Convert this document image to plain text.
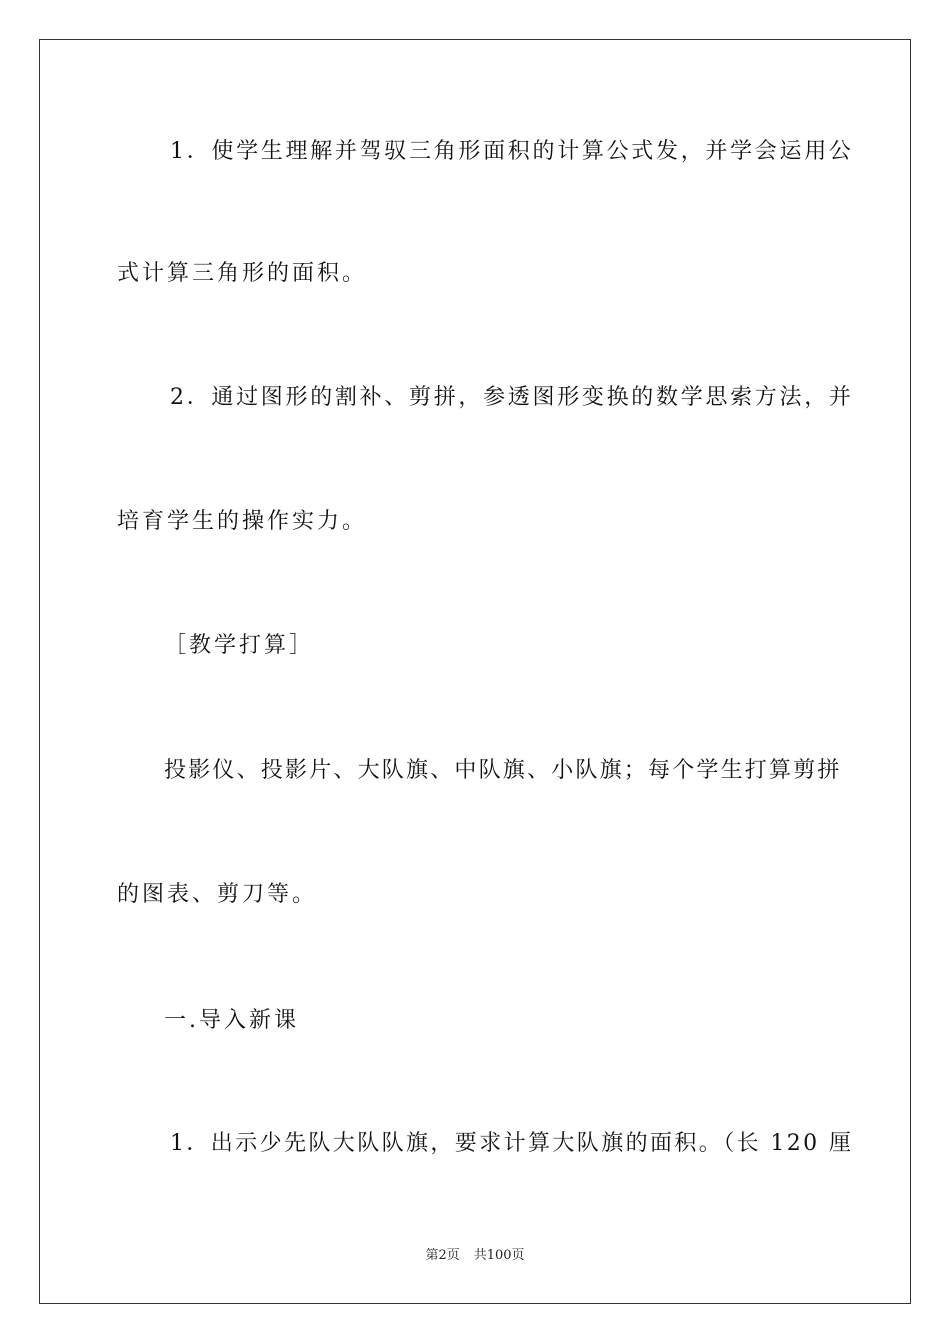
1．使学生理解并驾驭三角形面积的计算公式发，并学会运用公
式计算三角形的面积。
2．通过图形的割补、剪拼，参透图形变换的数学思索方法，并
培育学生的操作实力。
［教学打算］
投影仪、投影片、大队旗、中队旗、小队旗；每个学生打算剪拼
的图表、剪刀等。
一.导入新课
1．出示少先队大队队旗，要求计算大队旗的面积。（长 120 厘
第2页 共100页
